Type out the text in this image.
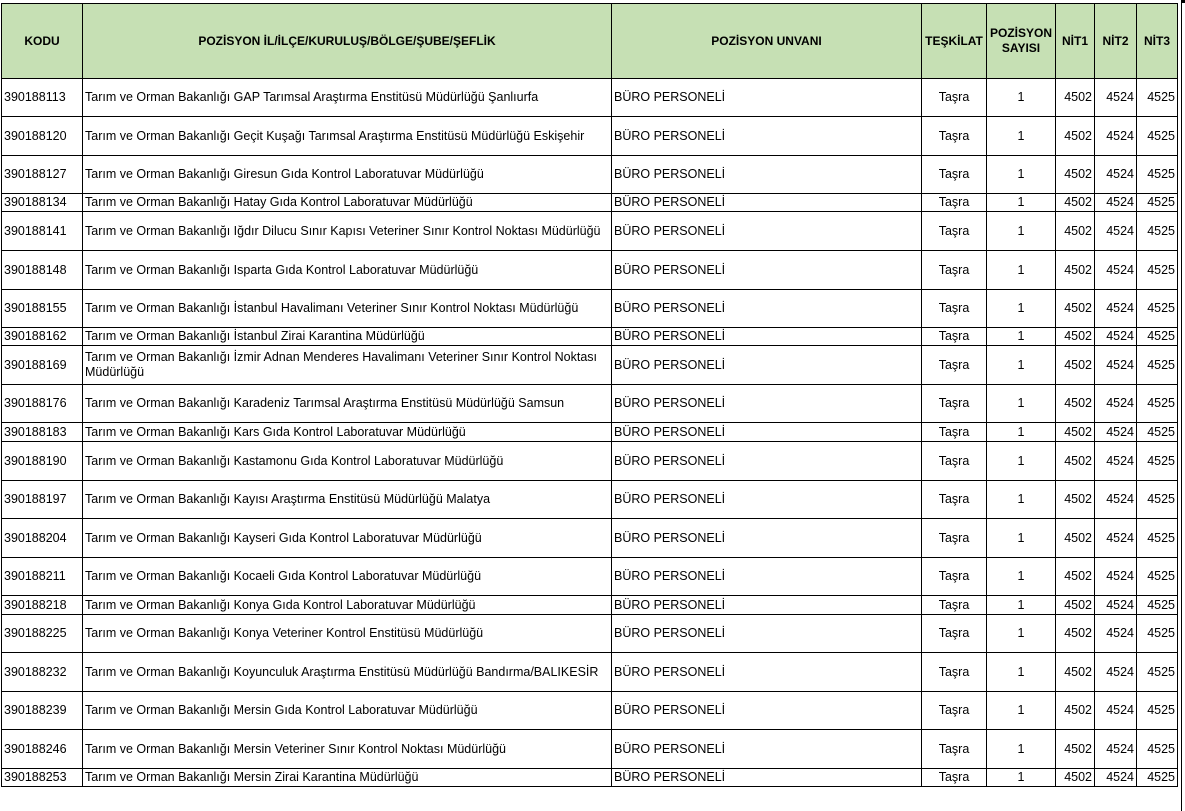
KODU	POZİSYON İL/İLÇE/KURULUŞ/BÖLGE/ŞUBE/ŞEFLİK	POZİSYON UNVANI	TEŞKİLAT	POZİSYON SAYISI	NİT1	NİT2	NİT3
390188113	Tarım ve Orman Bakanlığı GAP Tarımsal Araştırma Enstitüsü Müdürlüğü Şanlıurfa	BÜRO PERSONELİ	Taşra	1	4502	4524	4525
390188120	Tarım ve Orman Bakanlığı Geçit Kuşağı Tarımsal Araştırma Enstitüsü Müdürlüğü Eskişehir	BÜRO PERSONELİ	Taşra	1	4502	4524	4525
390188127	Tarım ve Orman Bakanlığı Giresun Gıda Kontrol Laboratuvar Müdürlüğü	BÜRO PERSONELİ	Taşra	1	4502	4524	4525
390188134	Tarım ve Orman Bakanlığı Hatay Gıda Kontrol Laboratuvar Müdürlüğü	BÜRO PERSONELİ	Taşra	1	4502	4524	4525
390188141	Tarım ve Orman Bakanlığı Iğdır Dilucu Sınır Kapısı Veteriner Sınır Kontrol Noktası Müdürlüğü	BÜRO PERSONELİ	Taşra	1	4502	4524	4525
390188148	Tarım ve Orman Bakanlığı Isparta Gıda Kontrol Laboratuvar Müdürlüğü	BÜRO PERSONELİ	Taşra	1	4502	4524	4525
390188155	Tarım ve Orman Bakanlığı İstanbul Havalimanı Veteriner Sınır Kontrol Noktası Müdürlüğü	BÜRO PERSONELİ	Taşra	1	4502	4524	4525
390188162	Tarım ve Orman Bakanlığı İstanbul Zirai Karantina Müdürlüğü	BÜRO PERSONELİ	Taşra	1	4502	4524	4525
390188169	Tarım ve Orman Bakanlığı İzmir Adnan Menderes Havalimanı Veteriner Sınır Kontrol Noktası Müdürlüğü	BÜRO PERSONELİ	Taşra	1	4502	4524	4525
390188176	Tarım ve Orman Bakanlığı Karadeniz Tarımsal Araştırma Enstitüsü Müdürlüğü Samsun	BÜRO PERSONELİ	Taşra	1	4502	4524	4525
390188183	Tarım ve Orman Bakanlığı Kars Gıda Kontrol Laboratuvar Müdürlüğü	BÜRO PERSONELİ	Taşra	1	4502	4524	4525
390188190	Tarım ve Orman Bakanlığı Kastamonu Gıda Kontrol Laboratuvar Müdürlüğü	BÜRO PERSONELİ	Taşra	1	4502	4524	4525
390188197	Tarım ve Orman Bakanlığı Kayısı Araştırma Enstitüsü Müdürlüğü Malatya	BÜRO PERSONELİ	Taşra	1	4502	4524	4525
390188204	Tarım ve Orman Bakanlığı Kayseri Gıda Kontrol Laboratuvar Müdürlüğü	BÜRO PERSONELİ	Taşra	1	4502	4524	4525
390188211	Tarım ve Orman Bakanlığı Kocaeli Gıda Kontrol Laboratuvar Müdürlüğü	BÜRO PERSONELİ	Taşra	1	4502	4524	4525
390188218	Tarım ve Orman Bakanlığı Konya Gıda Kontrol Laboratuvar Müdürlüğü	BÜRO PERSONELİ	Taşra	1	4502	4524	4525
390188225	Tarım ve Orman Bakanlığı Konya Veteriner Kontrol Enstitüsü Müdürlüğü	BÜRO PERSONELİ	Taşra	1	4502	4524	4525
390188232	Tarım ve Orman Bakanlığı Koyunculuk Araştırma Enstitüsü Müdürlüğü Bandırma/BALIKESİR	BÜRO PERSONELİ	Taşra	1	4502	4524	4525
390188239	Tarım ve Orman Bakanlığı Mersin Gıda Kontrol Laboratuvar Müdürlüğü	BÜRO PERSONELİ	Taşra	1	4502	4524	4525
390188246	Tarım ve Orman Bakanlığı Mersin Veteriner Sınır Kontrol Noktası Müdürlüğü	BÜRO PERSONELİ	Taşra	1	4502	4524	4525
390188253	Tarım ve Orman Bakanlığı Mersin Zirai Karantina Müdürlüğü	BÜRO PERSONELİ	Taşra	1	4502	4524	4525
